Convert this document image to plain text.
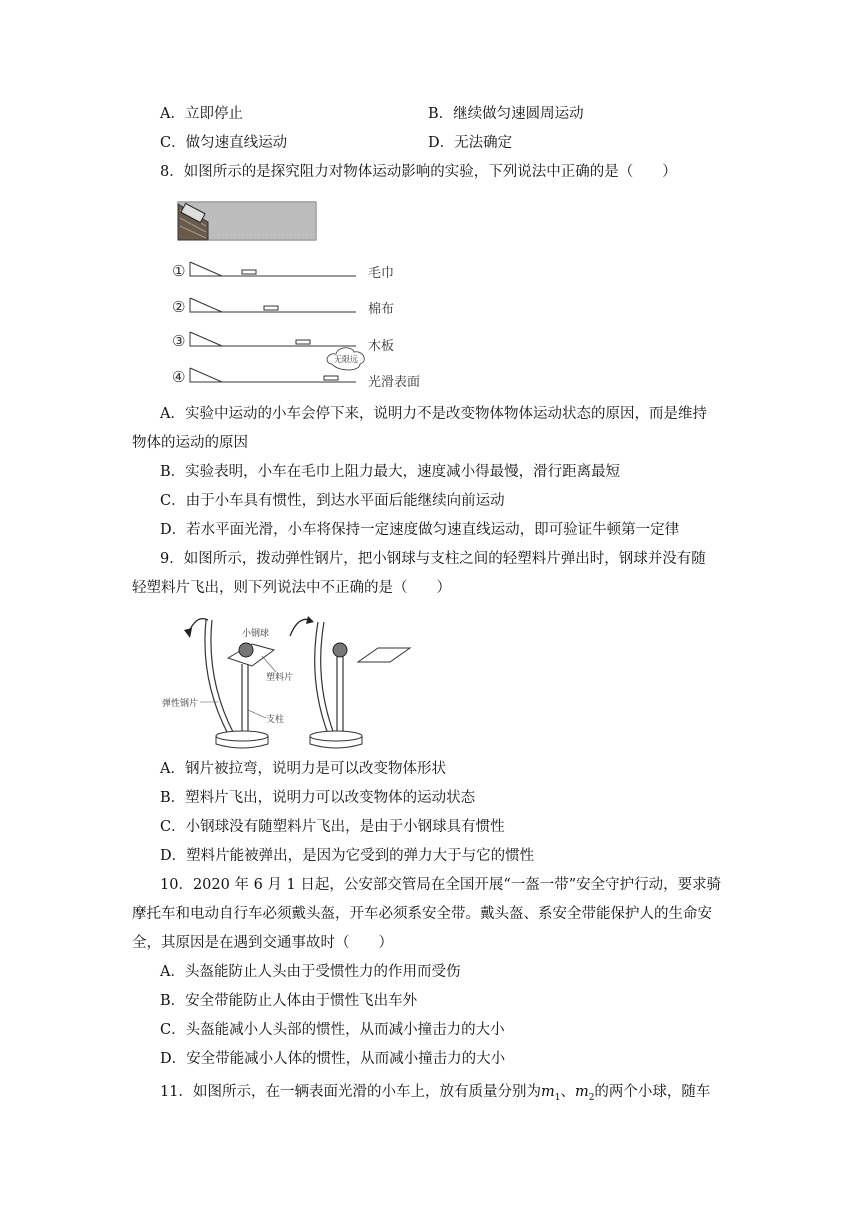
A．立即停止	B．继续做匀速圆周运动
C．做匀速直线运动	D．无法确定
8．如图所示的是探究阻力对物体运动影响的实验，下列说法中正确的是（　　）
①	毛巾
②	棉布
③	木板
④
无限远
光滑表面
A．实验中运动的小车会停下来，说明力不是改变物体物体运动状态的原因，而是维持
物体的运动的原因
B．实验表明，小车在毛巾上阻力最大，速度减小得最慢，滑行距离最短
C．由于小车具有惯性，到达水平面后能继续向前运动
D．若水平面光滑，小车将保持一定速度做匀速直线运动，即可验证牛顿第一定律
9．如图所示，拨动弹性钢片，把小钢球与支柱之间的轻塑料片弹出时，钢球并没有随
轻塑料片飞出，则下列说法中不正确的是（　　）
小钢球
塑料片
弹性钢片
支柱
A．钢片被拉弯，说明力是可以改变物体形状
B．塑料片飞出，说明力可以改变物体的运动状态
C．小钢球没有随塑料片飞出，是由于小钢球具有惯性
D．塑料片能被弹出，是因为它受到的弹力大于与它的惯性
10．2020 年 6 月 1 日起，公安部交管局在全国开展“一盔一带”安全守护行动，要求骑
摩托车和电动自行车必须戴头盔，开车必须系安全带。戴头盔、系安全带能保护人的生命安
全，其原因是在遇到交通事故时（　　）
A．头盔能防止人头由于受惯性力的作用而受伤
B．安全带能防止人体由于惯性飞出车外
C．头盔能减小人头部的惯性，从而减小撞击力的大小
D．安全带能减小人体的惯性，从而减小撞击力的大小
11．如图所示，在一辆表面光滑的小车上，放有质量分别为$m_1$、$m_2$的两个小球，随车
